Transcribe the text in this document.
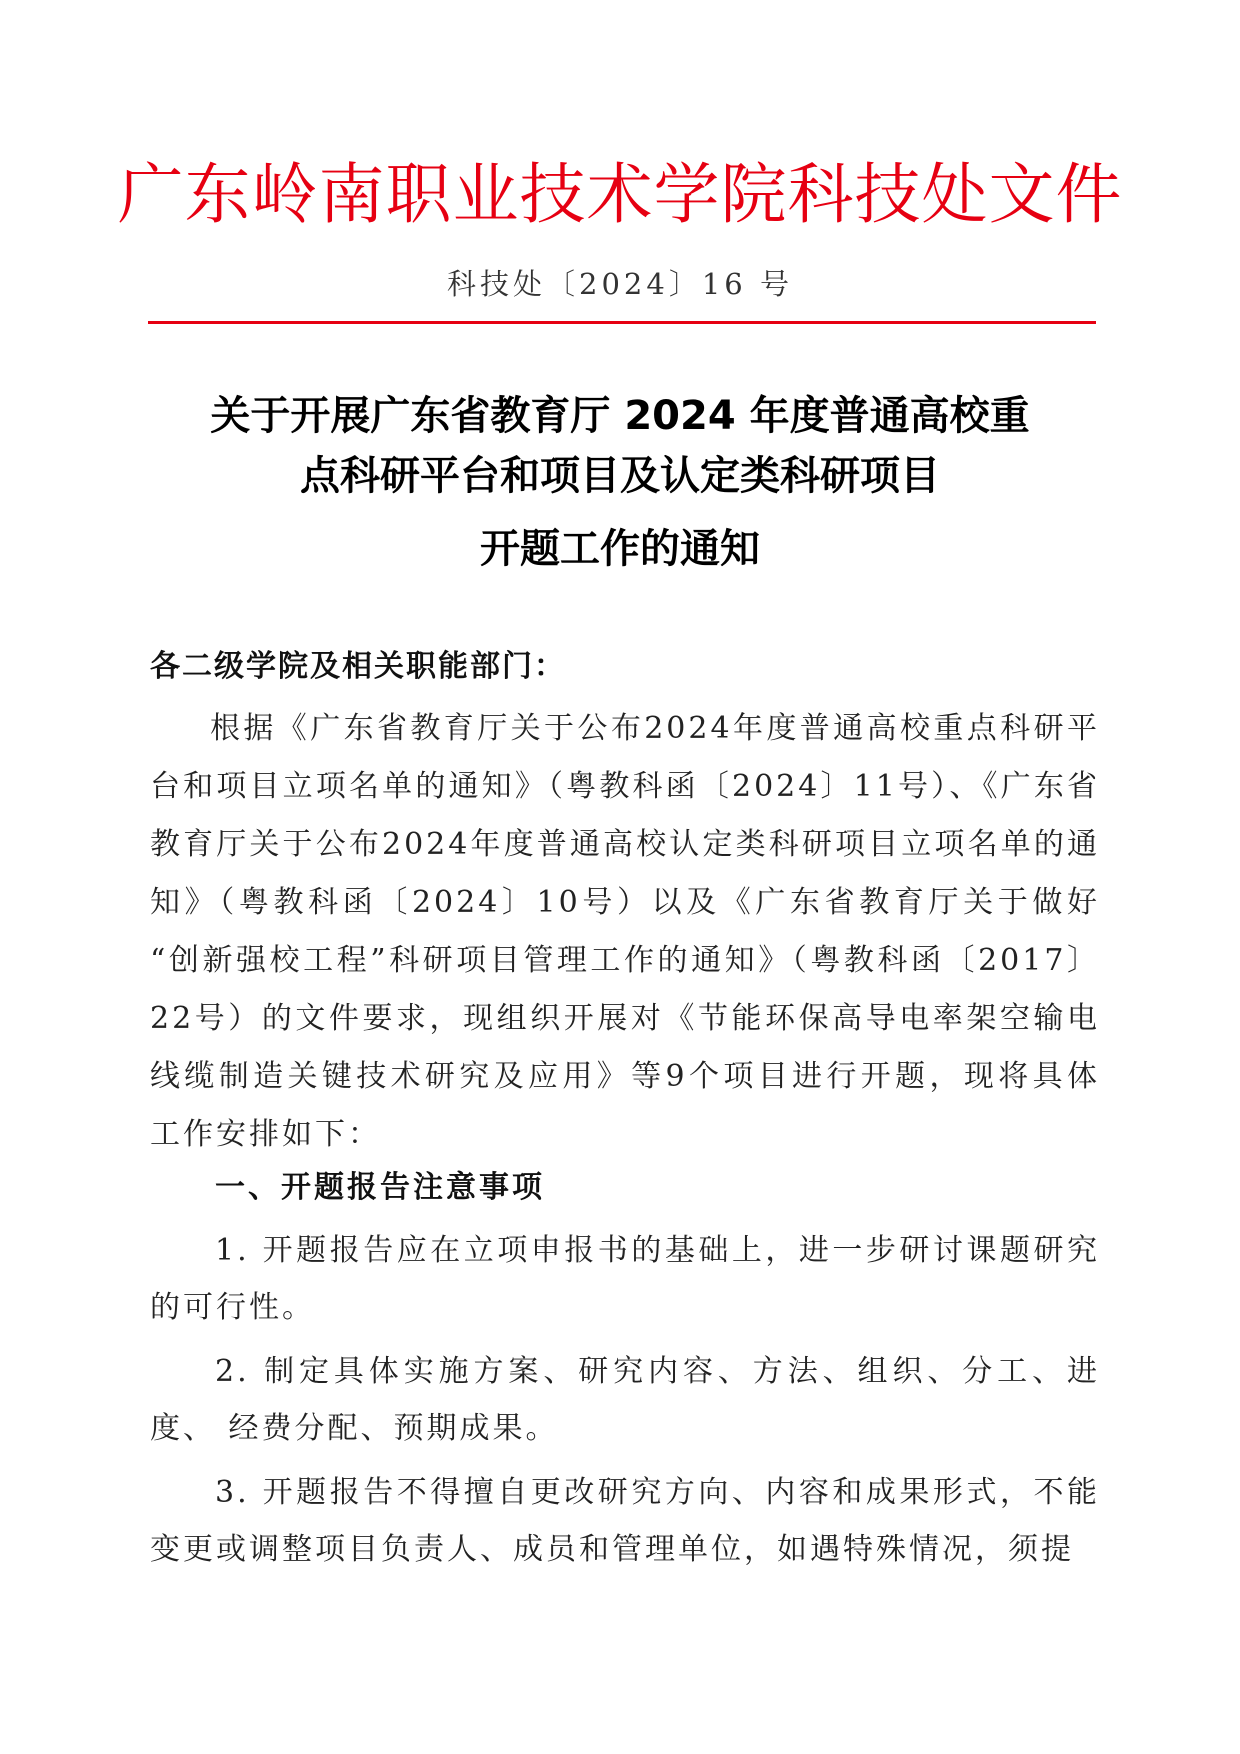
广东岭南职业技术学院科技处文件
科技处〔2024〕16 号
关于开展广东省教育厅 2024 年度普通高校重
点科研平台和项目及认定类科研项目
开题工作的通知
各二级学院及相关职能部门：
根据《广东省教育厅关于公布2024年度普通高校重点科研平台和项目立项名单的通知》（粤教科函〔2024〕11号）、《广东省教育厅关于公布2024年度普通高校认定类科研项目立项名单的通知》（粤教科函〔2024〕10号）以及《广东省教育厅关于做好 “创新强校工程”科研项目管理工作的通知》（粤教科函〔2017〕 22号）的文件要求，现组织开展对《节能环保高导电率架空输电 线缆制造关键技术研究及应用》等9个项目进行开题，现将具体 工作安排如下：
一、开题报告注意事项
1. 开题报告应在立项申报书的基础上，进一步研讨课题研究 的可行性。
2. 制定具体实施方案、研究内容、方法、组织、分工、进度、 经费分配、预期成果。
3. 开题报告不得擅自更改研究方向、内容和成果形式，不能 变更或调整项目负责人、成员和管理单位，如遇特殊情况，须提
